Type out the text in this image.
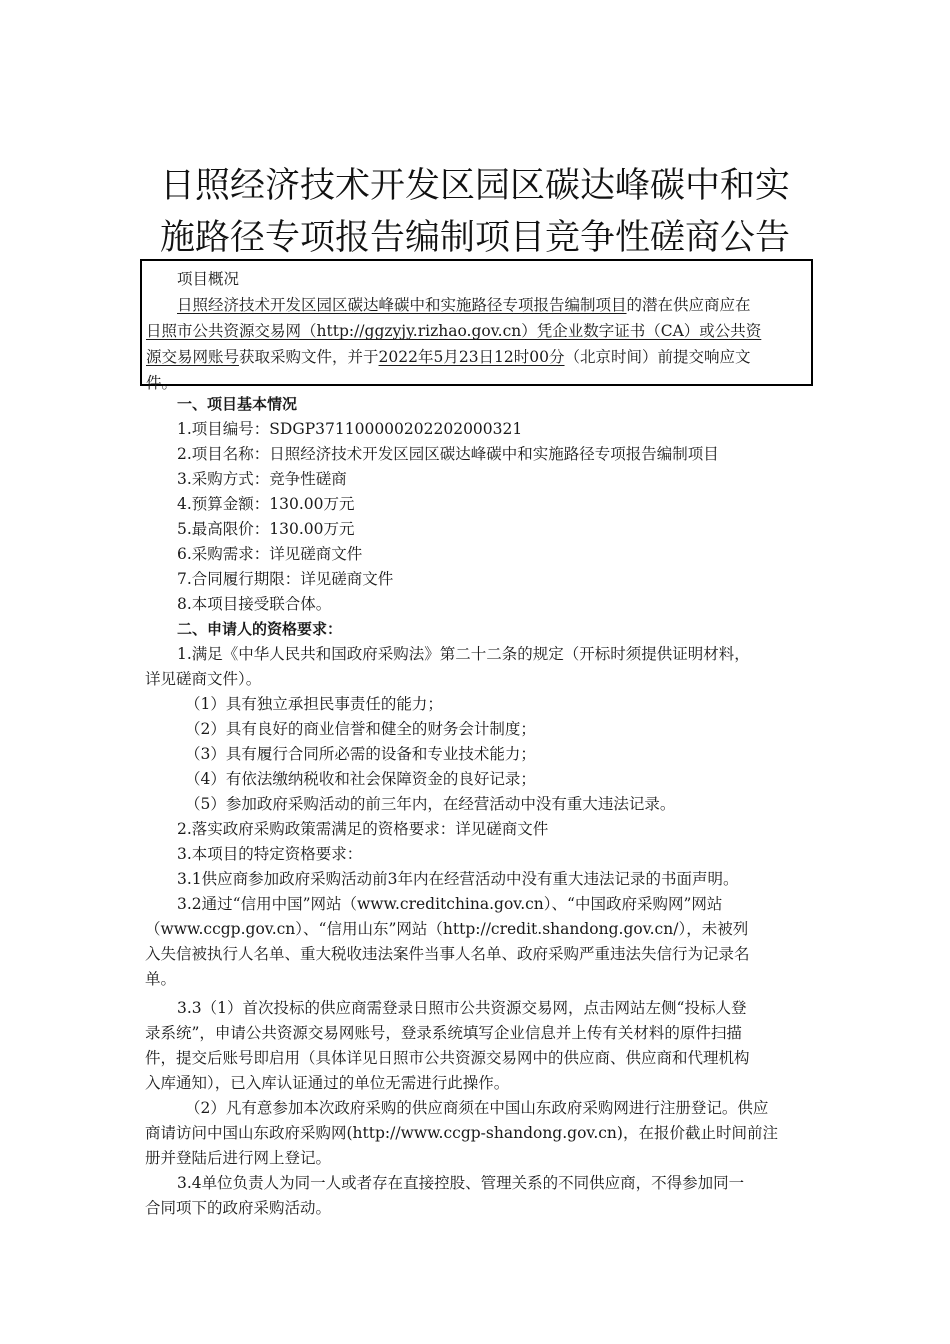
日照经济技术开发区园区碳达峰碳中和实
施路径专项报告编制项目竞争性磋商公告
项目概况
日照经济技术开发区园区碳达峰碳中和实施路径专项报告编制项目的潜在供应商应在
日照市公共资源交易网（http://ggzyjy.rizhao.gov.cn）凭企业数字证书（CA）或公共资
源交易网账号获取采购文件，并于2022年5月23日12时00分（北京时间）前提交响应文
件。
一、项目基本情况
1.项目编号：SDGP371100000202202000321
2.项目名称：日照经济技术开发区园区碳达峰碳中和实施路径专项报告编制项目
3.采购方式：竞争性磋商
4.预算金额：130.00万元
5.最高限价：130.00万元
6.采购需求：详见磋商文件
7.合同履行期限：详见磋商文件
8.本项目接受联合体。
二、申请人的资格要求：
1.满足《中华人民共和国政府采购法》第二十二条的规定（开标时须提供证明材料，
详见磋商文件）。
（1）具有独立承担民事责任的能力；
（2）具有良好的商业信誉和健全的财务会计制度；
（3）具有履行合同所必需的设备和专业技术能力；
（4）有依法缴纳税收和社会保障资金的良好记录；
（5）参加政府采购活动的前三年内，在经营活动中没有重大违法记录。
2.落实政府采购政策需满足的资格要求：详见磋商文件
3.本项目的特定资格要求：
3.1供应商参加政府采购活动前3年内在经营活动中没有重大违法记录的书面声明。
3.2通过“信用中国”网站（www.creditchina.gov.cn）、“中国政府采购网”网站
（www.ccgp.gov.cn）、“信用山东”网站（http://credit.shandong.gov.cn/），未被列
入失信被执行人名单、重大税收违法案件当事人名单、政府采购严重违法失信行为记录名
单。
3.3（1）首次投标的供应商需登录日照市公共资源交易网，点击网站左侧“投标人登
录系统”，申请公共资源交易网账号，登录系统填写企业信息并上传有关材料的原件扫描
件，提交后账号即启用（具体详见日照市公共资源交易网中的供应商、供应商和代理机构
入库通知），已入库认证通过的单位无需进行此操作。
（2）凡有意参加本次政府采购的供应商须在中国山东政府采购网进行注册登记。供应
商请访问中国山东政府采购网(http://www.ccgp-shandong.gov.cn)，在报价截止时间前注
册并登陆后进行网上登记。
3.4单位负责人为同一人或者存在直接控股、管理关系的不同供应商，不得参加同一
合同项下的政府采购活动。
